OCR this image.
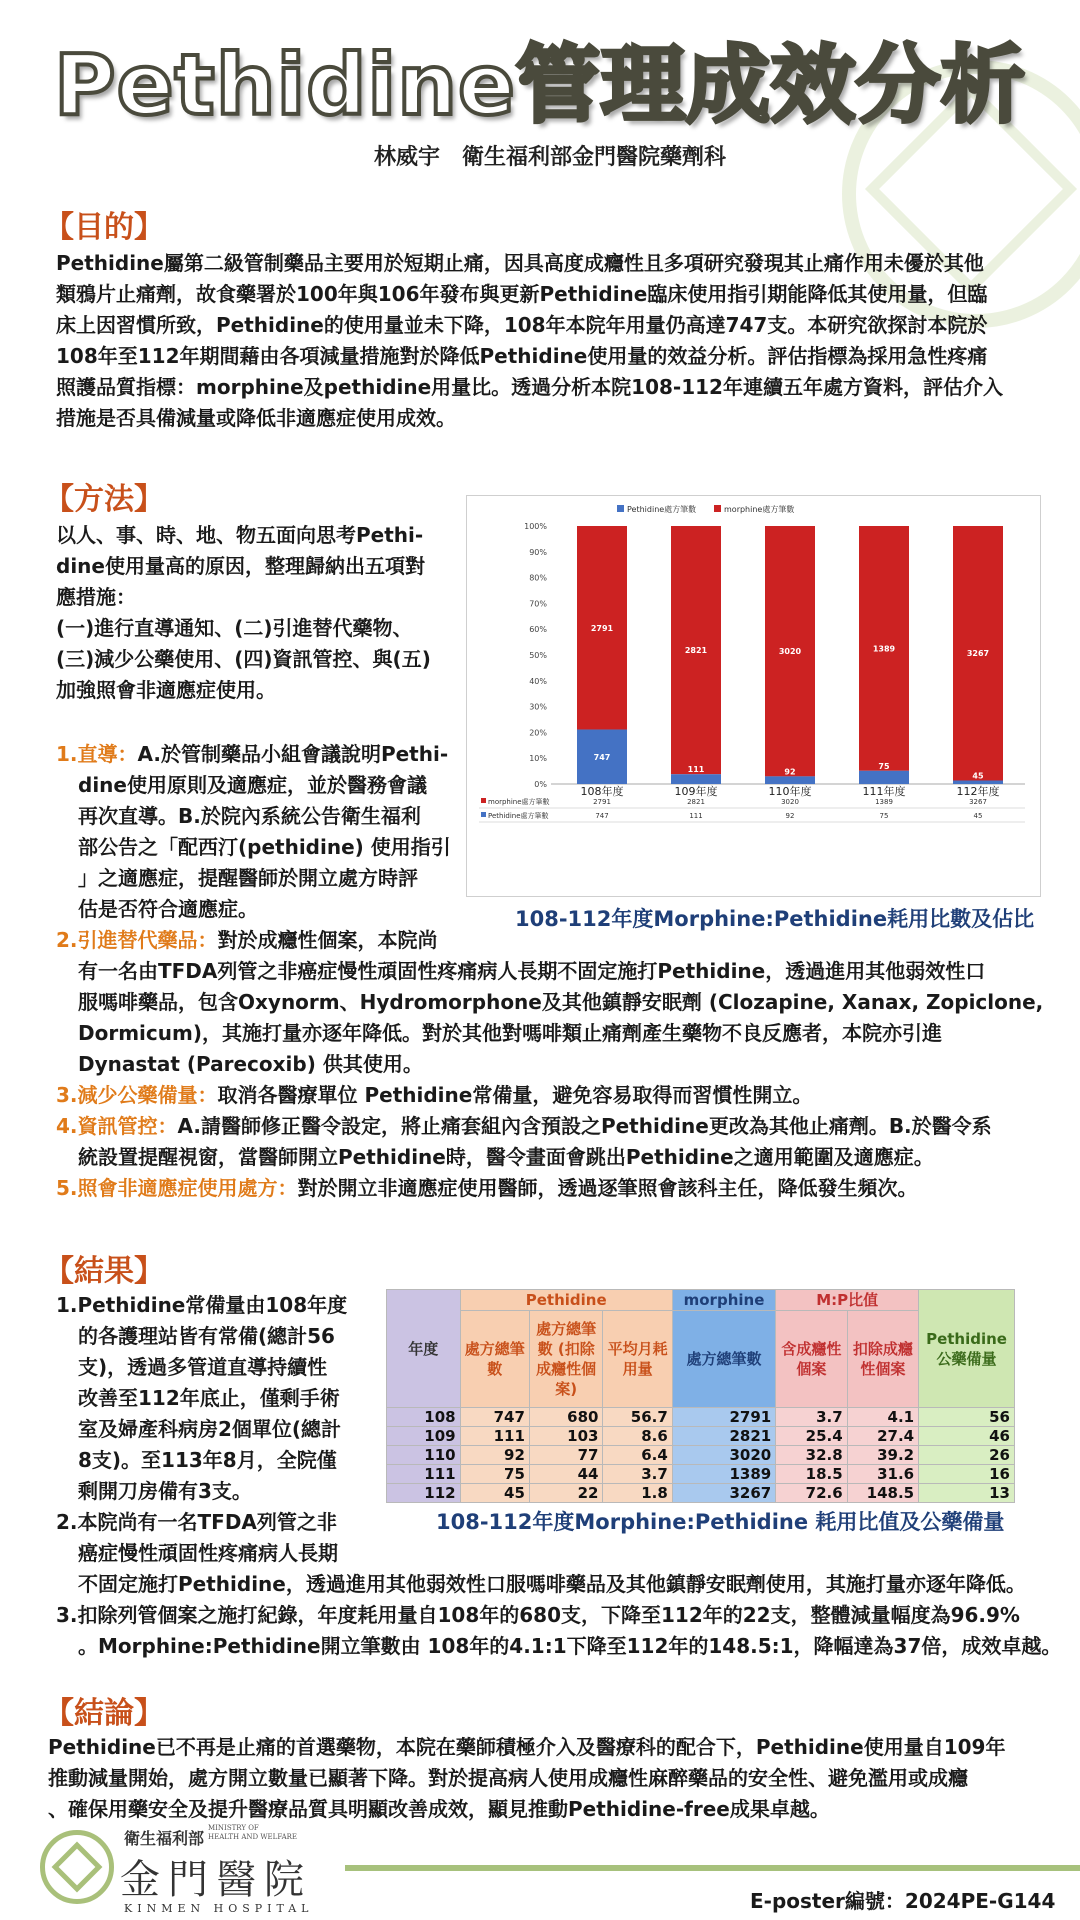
Pethidine管理成效分析
林威宇　衛生福利部金門醫院藥劑科
【目的】
Pethidine屬第二級管制藥品主要用於短期止痛，因具高度成癮性且多項研究發現其止痛作用未優於其他
類鴉片止痛劑，故食藥署於100年與106年發布與更新Pethidine臨床使用指引期能降低其使用量，但臨
床上因習慣所致，Pethidine的使用量並未下降，108年本院年用量仍高達747支。本研究欲探討本院於
108年至112年期間藉由各項減量措施對於降低Pethidine使用量的效益分析。評估指標為採用急性疼痛
照護品質指標：morphine及pethidine用量比。透過分析本院108-112年連續五年處方資料，評估介入
措施是否具備減量或降低非適應症使用成效。
【方法】
以人、事、時、地、物五面向思考Pethi-
dine使用量高的原因，整理歸納出五項對
應措施：
(一)進行直導通知、(二)引進替代藥物、
(三)減少公藥使用、(四)資訊管控、與(五)
加強照會非適應症使用。
1.直導：A.於管制藥品小組會議說明Pethi-
dine使用原則及適應症，並於醫務會議
再次直導。B.於院內系統公告衛生福利
部公告之「配西汀(pethidine) 使用指引
」之適應症，提醒醫師於開立處方時評
估是否符合適應症。
2.引進替代藥品：對於成癮性個案，本院尚
有一名由TFDA列管之非癌症慢性頑固性疼痛病人長期不固定施打Pethidine，透過進用其他弱效性口
服嗎啡藥品，包含Oxynorm、Hydromorphone及其他鎮靜安眠劑 (Clozapine, Xanax, Zopiclone,
Dormicum)，其施打量亦逐年降低。對於其他對嗎啡類止痛劑產生藥物不良反應者，本院亦引進
Dynastat (Parecoxib) 供其使用。
3.減少公藥備量：取消各醫療單位 Pethidine常備量，避免容易取得而習慣性開立。
4.資訊管控：A.請醫師修正醫令設定，將止痛套組內含預設之Pethidine更改為其他止痛劑。B.於醫令系
統設置提醒視窗，當醫師開立Pethidine時，醫令畫面會跳出Pethidine之適用範圍及適應症。
5.照會非適應症使用處方：對於開立非適應症使用醫師，透過逐筆照會該科主任，降低發生頻次。
Pethidine處方筆數	morphine處方筆數
0%
10%
20%
30%
40%
50%
60%
70%
80%
90%
100%
2791
747
108年度
2821
111
109年度
3020
92
110年度
1389
75
111年度
3267
45
112年度
morphine處方筆數	2791	2821	3020	1389	3267
Pethidine處方筆數	747	111	92	75	45
108-112年度Morphine:Pethidine耗用比數及佔比
【結果】
1.Pethidine常備量由108年度
的各護理站皆有常備(總計56
支)，透過多管道直導持續性
改善至112年底止，僅剩手術
室及婦產科病房2個單位(總計
8支)。至113年8月，全院僅
剩開刀房備有3支。
2.本院尚有一名TFDA列管之非
癌症慢性頑固性疼痛病人長期
不固定施打Pethidine，透過進用其他弱效性口服嗎啡藥品及其他鎮靜安眠劑使用，其施打量亦逐年降低。
3.扣除列管個案之施打紀錄，年度耗用量自108年的680支，下降至112年的22支，整體減量幅度為96.9%
。Morphine:Pethidine開立筆數由 108年的4.1:1下降至112年的148.5:1，降幅達為37倍，成效卓越。
年度	Pethidine			morphine	M:P比值		Pethidine公藥備量
	處方總筆數	處方總筆數 (扣除成癮性個案)	平均月耗用量	處方總筆數	含成癮性個案	扣除成癮性個案	
108	747	680	56.7	2791	3.7	4.1	56
109	111	103	8.6	2821	25.4	27.4	46
110	92	77	6.4	3020	32.8	39.2	26
111	75	44	3.7	1389	18.5	31.6	16
112	45	22	1.8	3267	72.6	148.5	13
108-112年度Morphine:Pethidine 耗用比值及公藥備量
【結論】
Pethidine已不再是止痛的首選藥物，本院在藥師積極介入及醫療科的配合下，Pethidine使用量自109年
推動減量開始，處方開立數量已顯著下降。對於提高病人使用成癮性麻醉藥品的安全性、避免濫用或成癮
、確保用藥安全及提升醫療品質具明顯改善成效，顯見推動Pethidine-free成果卓越。
衛生福利部
MINISTRY OF
HEALTH AND WELFARE
金門醫院
KINMEN HOSPITAL	E-poster編號：2024PE-G144
